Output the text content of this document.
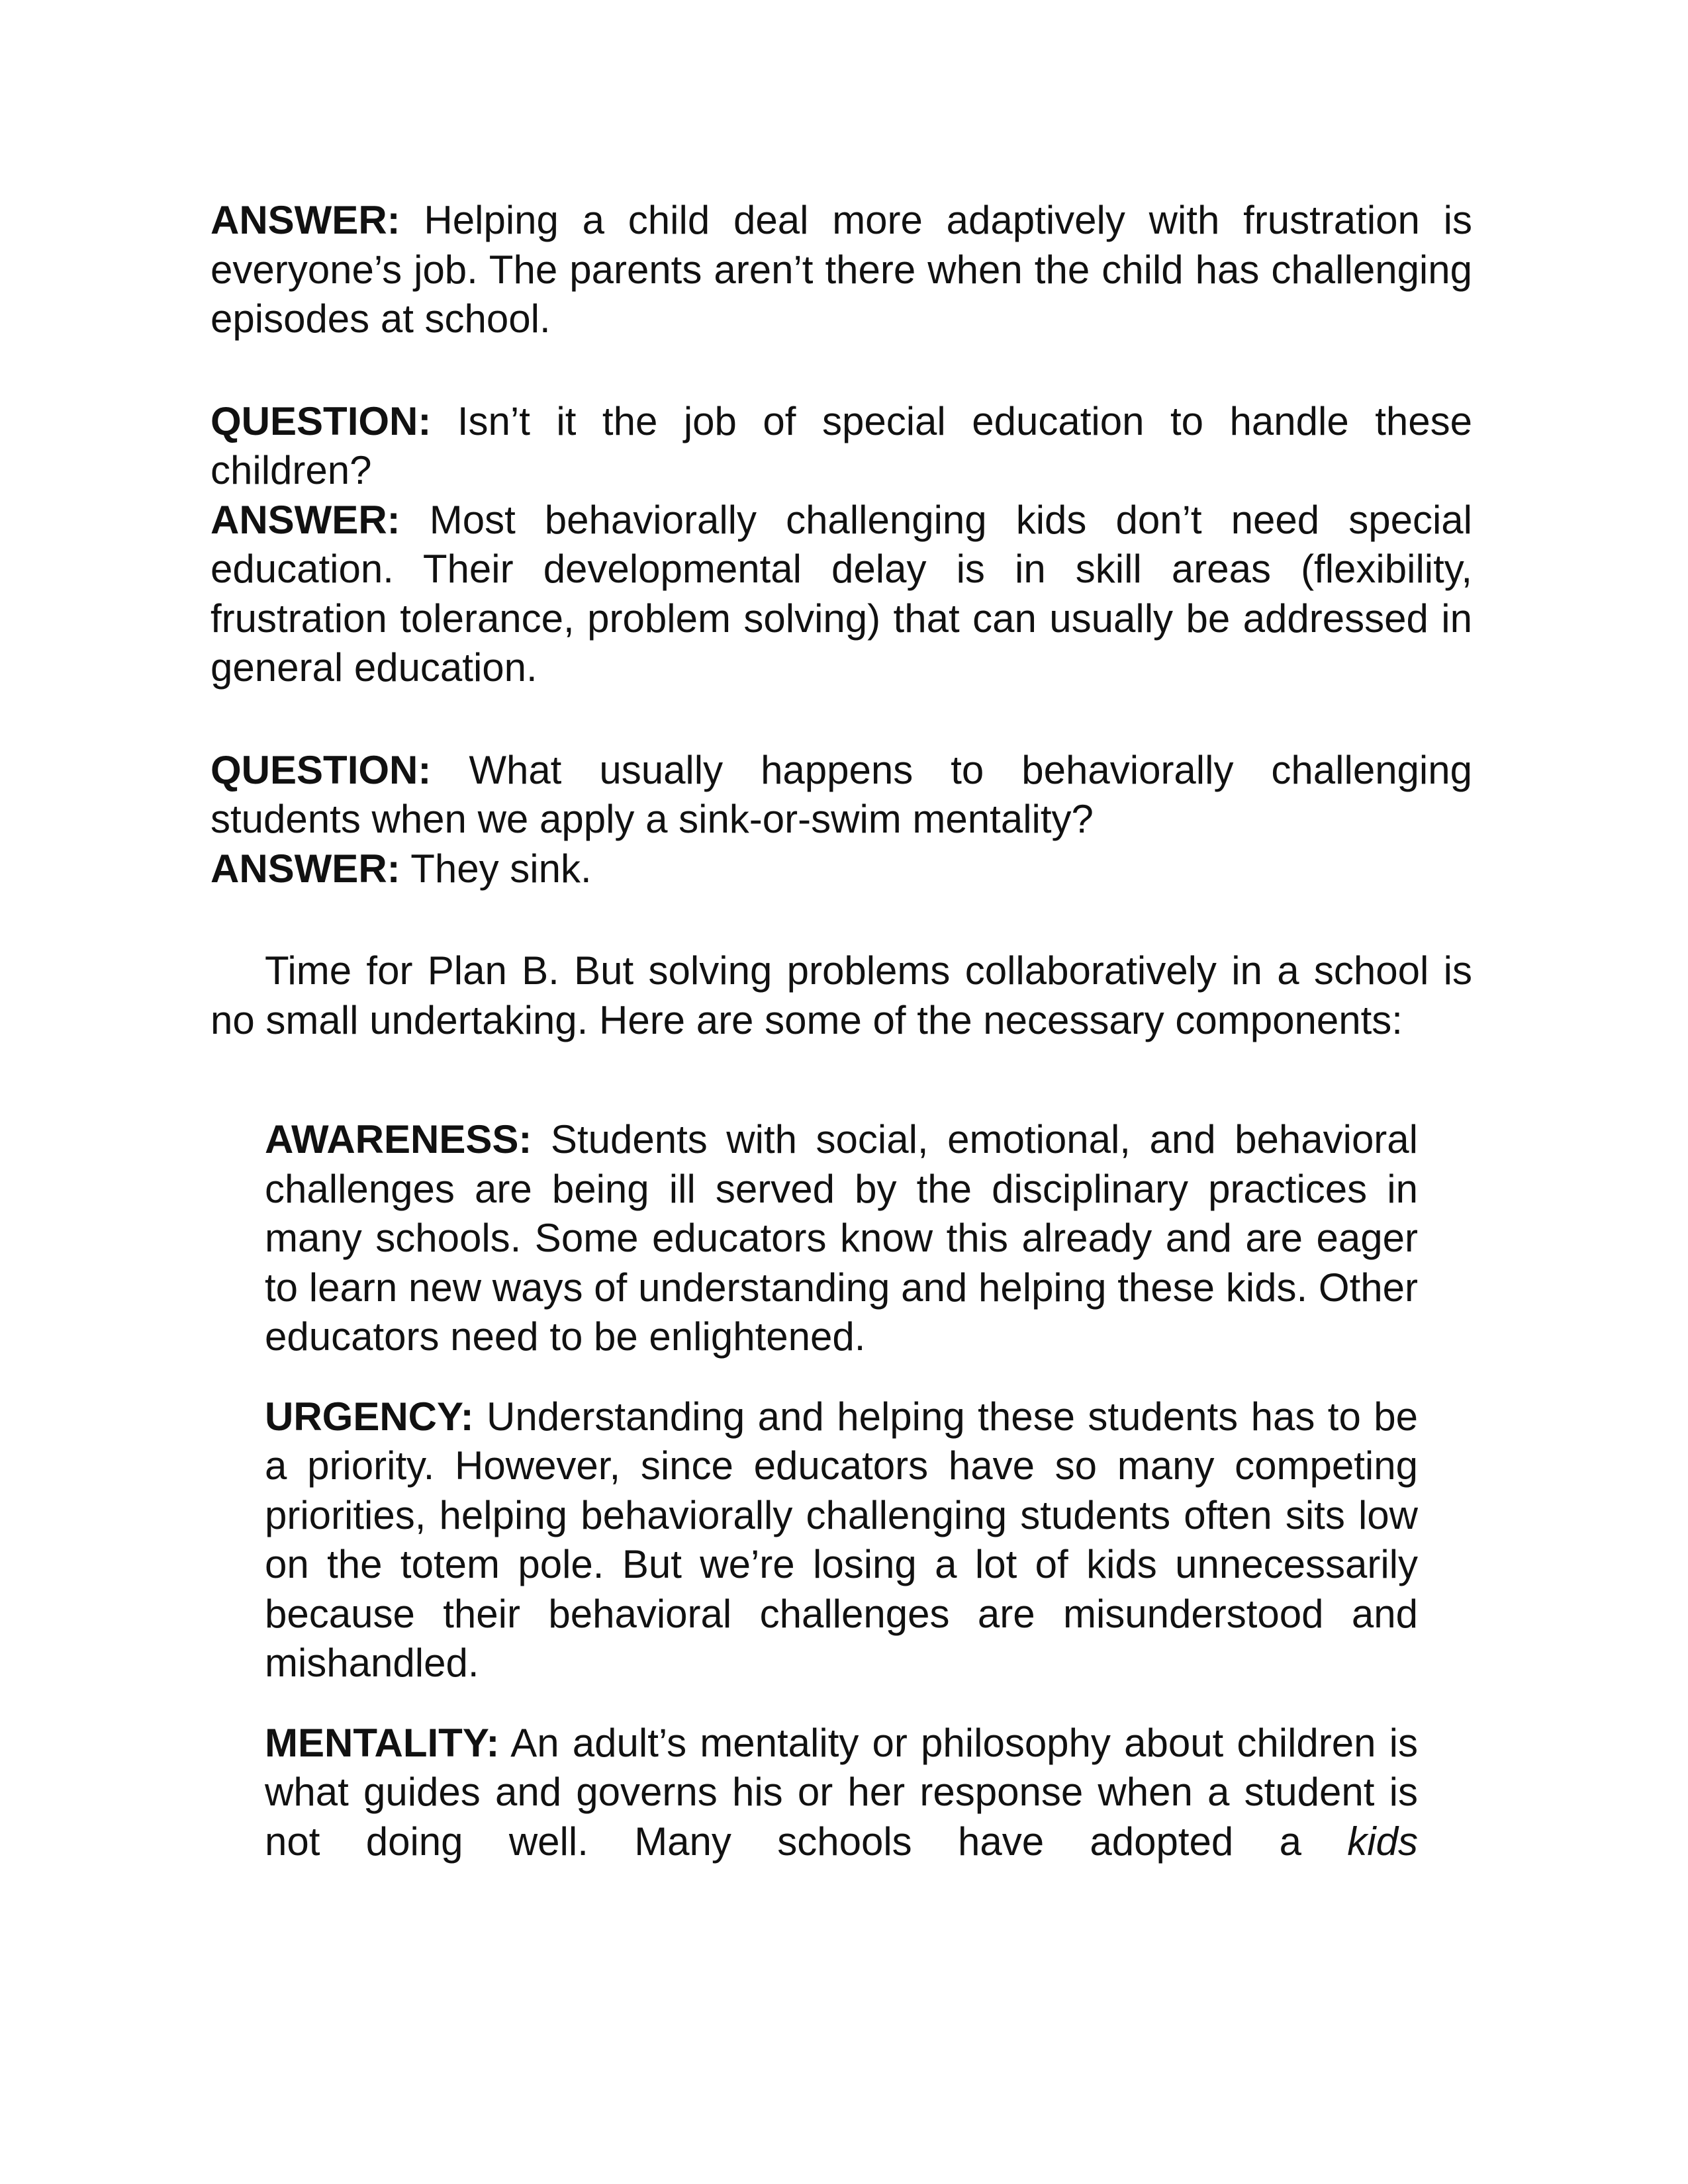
ANSWER: Helping a child deal more adaptively with frustration is everyone’s job. The parents aren’t there when the child has challenging episodes at school.

QUESTION: Isn’t it the job of special education to handle these children?

ANSWER: Most behaviorally challenging kids don’t need special education. Their developmental delay is in skill areas (flexibility, frustration tolerance, problem solving) that can usually be addressed in general education.

QUESTION: What usually happens to behaviorally challenging students when we apply a sink-or-swim mentality?

ANSWER: They sink.

Time for Plan B. But solving problems collaboratively in a school is no small undertaking. Here are some of the necessary components:

AWARENESS: Students with social, emotional, and behavioral challenges are being ill served by the disciplinary practices in many schools. Some educators know this already and are eager to learn new ways of understanding and helping these kids. Other educators need to be enlightened.

URGENCY: Understanding and helping these students has to be a priority. However, since educators have so many competing priorities, helping behaviorally challenging students often sits low on the totem pole. But we’re losing a lot of kids unnecessarily because their behavioral challenges are misunderstood and mishandled.

MENTALITY: An adult’s mentality or philosophy about children is what guides and governs his or her response when a student is not doing well. Many schools have adopted a kids
